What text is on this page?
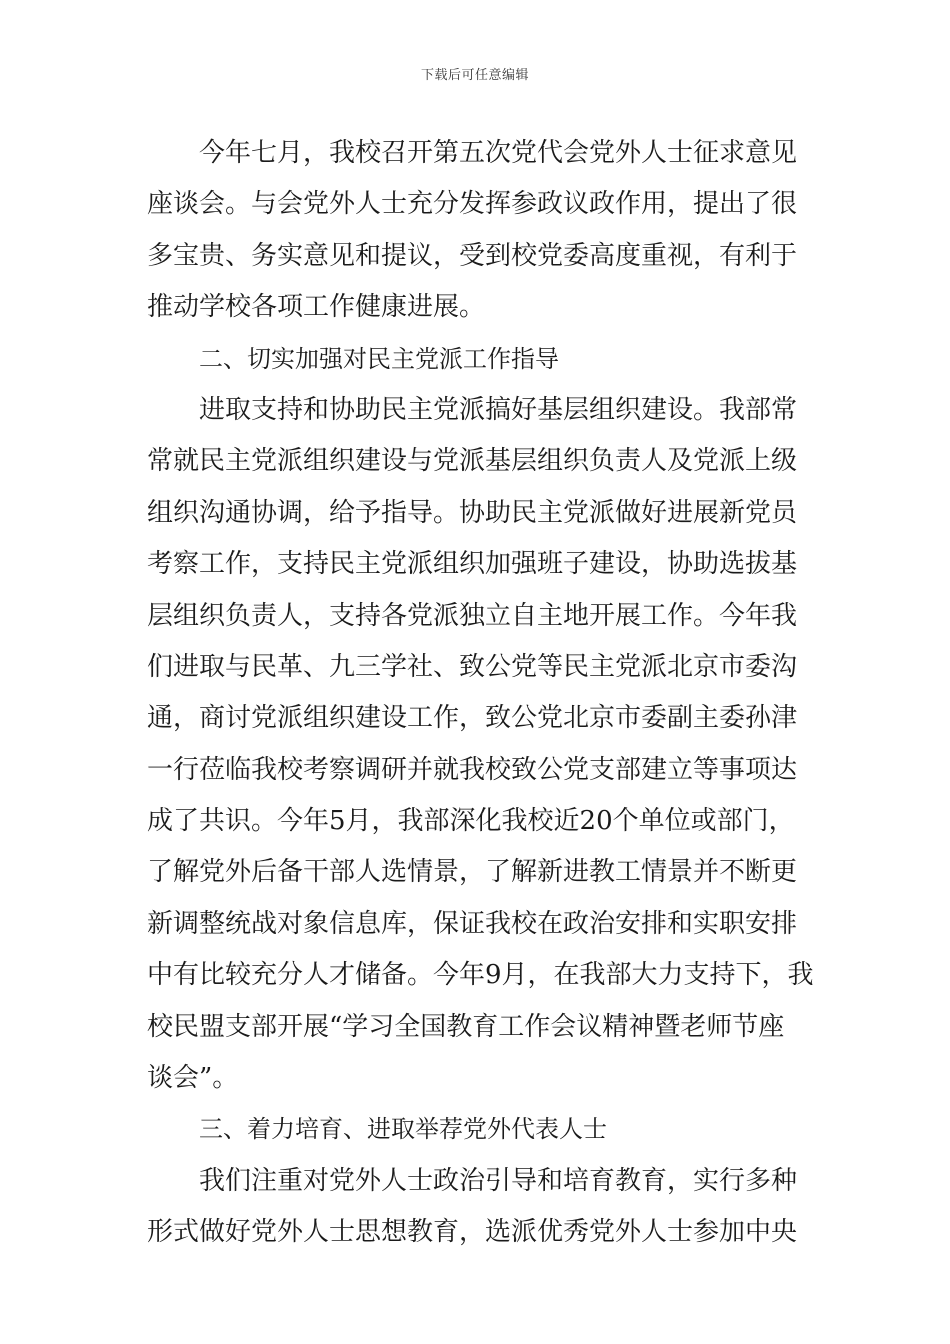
下载后可任意编辑
今年七月，我校召开第五次党代会党外人士征求意见
座谈会。与会党外人士充分发挥参政议政作用，提出了很
多宝贵、务实意见和提议，受到校党委高度重视，有利于
推动学校各项工作健康进展。
二、切实加强对民主党派工作指导
进取支持和协助民主党派搞好基层组织建设。我部常
常就民主党派组织建设与党派基层组织负责人及党派上级
组织沟通协调，给予指导。协助民主党派做好进展新党员
考察工作，支持民主党派组织加强班子建设，协助选拔基
层组织负责人，支持各党派独立自主地开展工作。今年我
们进取与民革、九三学社、致公党等民主党派北京市委沟
通，商讨党派组织建设工作，致公党北京市委副主委孙津
一行莅临我校考察调研并就我校致公党支部建立等事项达
成了共识。今年5月，我部深化我校近20个单位或部门，
了解党外后备干部人选情景，了解新进教工情景并不断更
新调整统战对象信息库，保证我校在政治安排和实职安排
中有比较充分人才储备。今年9月，在我部大力支持下，我
校民盟支部开展“学习全国教育工作会议精神暨老师节座
谈会”。
三、着力培育、进取举荐党外代表人士
我们注重对党外人士政治引导和培育教育，实行多种
形式做好党外人士思想教育，选派优秀党外人士参加中央
